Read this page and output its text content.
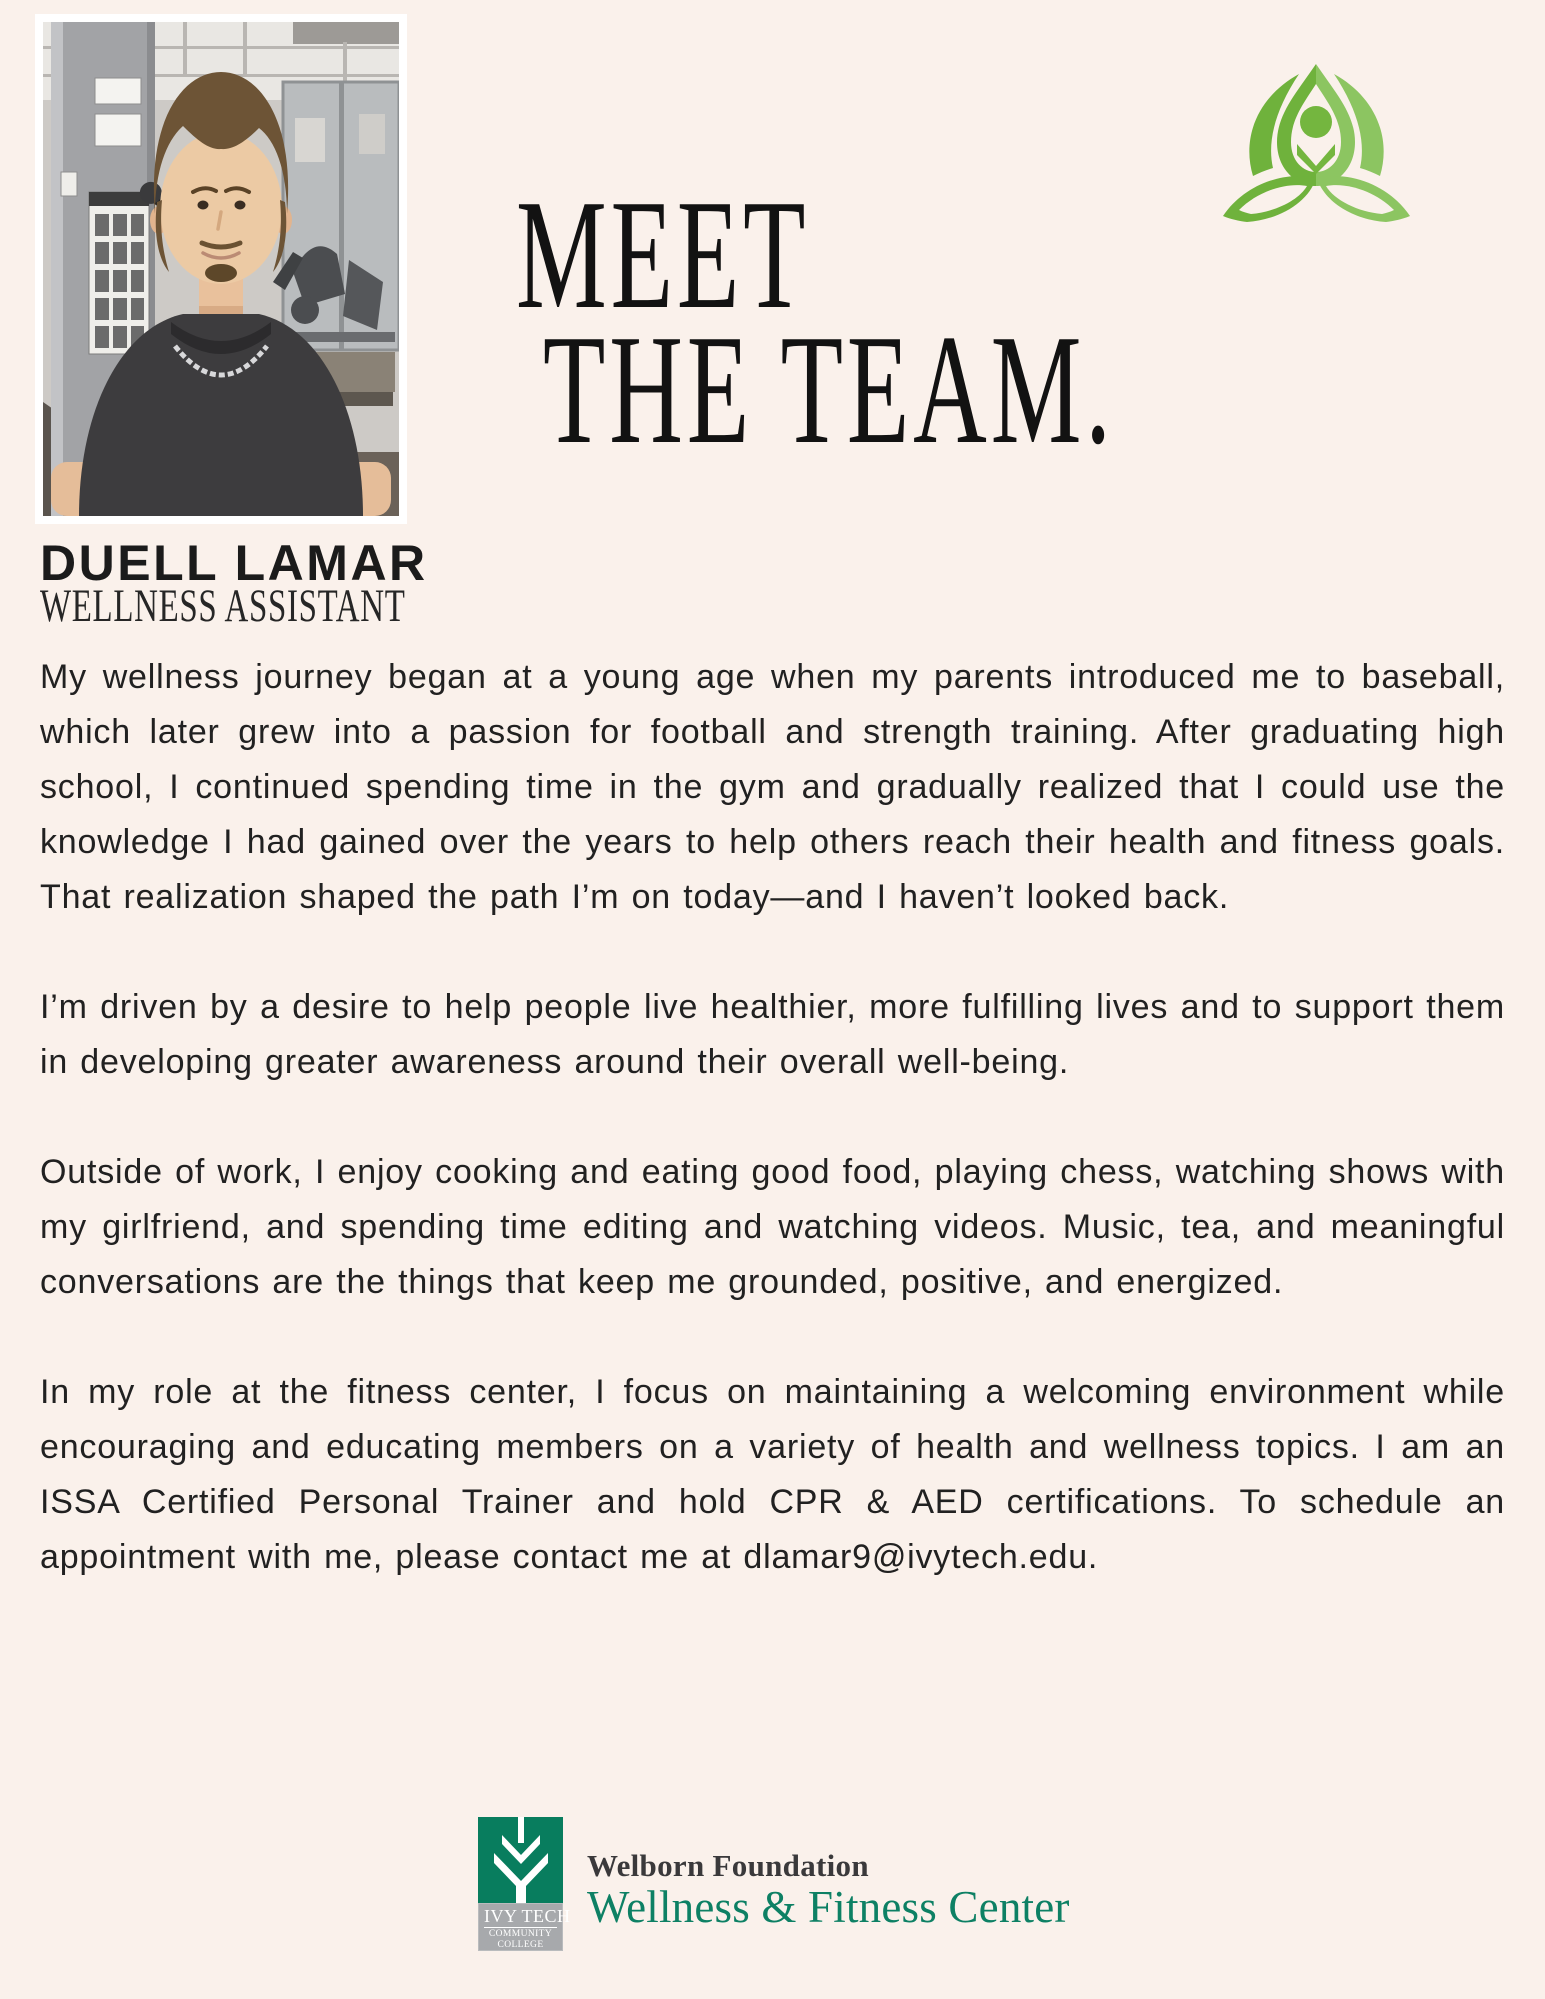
MEET
THE TEAM.
DUELL LAMAR
WELLNESS ASSISTANT

My wellness journey began at a young age when my parents introduced me to baseball, which later grew into a passion for football and strength training. After graduating high school, I continued spending time in the gym and gradually realized that I could use the knowledge I had gained over the years to help others reach their health and fitness goals. That realization shaped the path I’m on today—and I haven’t looked back.

I’m driven by a desire to help people live healthier, more fulfilling lives and to support them in developing greater awareness around their overall well-being.

Outside of work, I enjoy cooking and eating good food, playing chess, watching shows with my girlfriend, and spending time editing and watching videos. Music, tea, and meaningful conversations are the things that keep me grounded, positive, and energized.

In my role at the fitness center, I focus on maintaining a welcoming environment while encouraging and educating members on a variety of health and wellness topics. I am an ISSA Certified Personal Trainer and hold CPR & AED certifications. To schedule an appointment with me, please contact me at dlamar9@ivytech.edu.

IVY TECH
COMMUNITY
COLLEGE
Welborn Foundation
Wellness & Fitness Center
